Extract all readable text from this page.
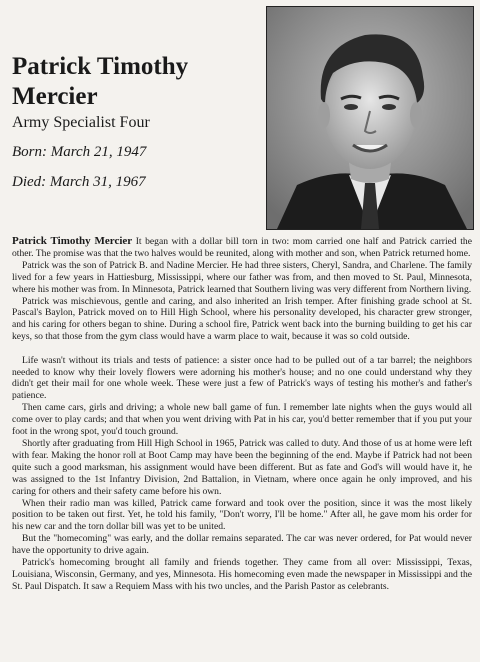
Patrick Timothy
Mercier

Army Specialist Four

Born: March 21, 1947

Died: March 31, 1967

Patrick Timothy Mercier It began with a dollar bill torn in two: mom carried one half and Patrick carried the other. The promise was that the two halves would be reunited, along with mother and son, when Patrick returned home.

Patrick was the son of Patrick B. and Nadine Mercier. He had three sisters, Cheryl, Sandra, and Charlene. The family lived for a few years in Hattiesburg, Mississippi, where our father was from, and then moved to St. Paul, Minnesota, where his mother was from. In Minnesota, Patrick learned that Southern living was very different from Northern living.

Patrick was mischievous, gentle and caring, and also inherited an Irish temper. After finishing grade school at St. Pascal's Baylon, Patrick moved on to Hill High School, where his personality developed, his character grew stronger, and his caring for others began to shine. During a school fire, Patrick went back into the burning building to get his car keys, so that those from the gym class would have a warm place to wait, because it was so cold outside.

Life wasn't without its trials and tests of patience: a sister once had to be pulled out of a tar barrel; the neighbors needed to know why their lovely flowers were adorning his mother's house; and no one could understand why they didn't get their mail for one whole week. These were just a few of Patrick's ways of testing his mother's and father's patience.

Then came cars, girls and driving; a whole new ball game of fun. I remember late nights when the guys would all come over to play cards; and that when you went driving with Pat in his car, you'd better remember that if you put your foot in the wrong spot, you'd touch ground.

Shortly after graduating from Hill High School in 1965, Patrick was called to duty. And those of us at home were left with fear. Making the honor roll at Boot Camp may have been the beginning of the end. Maybe if Patrick had not been quite such a good marksman, his assignment would have been different. But as fate and God's will would have it, he was assigned to the 1st Infantry Division, 2nd Battalion, in Vietnam, where once again he only improved, and his caring for others and their safety came before his own.

When their radio man was killed, Patrick came forward and took over the position, since it was the most likely position to be taken out first. Yet, he told his family, "Don't worry, I'll be home." After all, he gave mom his order for his new car and the torn dollar bill was yet to be united.

But the "homecoming" was early, and the dollar remains separated. The car was never ordered, for Pat would never have the opportunity to drive again.

Patrick's homecoming brought all family and friends together. They came from all over: Mississippi, Texas, Louisiana, Wisconsin, Germany, and yes, Minnesota. His homecoming even made the newspaper in Mississippi and the St. Paul Dispatch. It saw a Requiem Mass with his two uncles, and the Parish Pastor as celebrants.
